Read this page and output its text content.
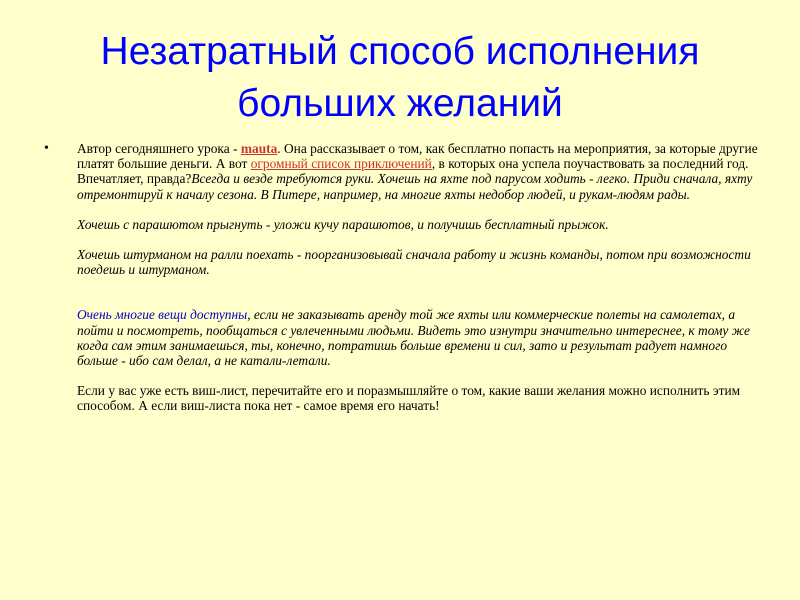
Незатратный способ исполнения больших желаний
• Автор сегодняшнего урока - mauta. Она рассказывает о том, как бесплатно попасть на мероприятия, за которые другие платят большие деньги. А вот огромный список приключений, в которых она успела поучаствовать за последний год. Впечатляет, правда?Всегда и везде требуются руки. Хочешь на яхте под парусом ходить - легко. Приди сначала, яхту отремонтируй к началу сезона. В Питере, например, на многие яхты недобор людей, и рукам-людям рады.

Хочешь с парашютом прыгнуть - уложи кучу парашютов, и получишь бесплатный прыжок.

Хочешь штурманом на ралли поехать - поорганизовывай сначала работу и жизнь команды, потом при возможности поедешь и штурманом.

Очень многие вещи доступны, если не заказывать аренду той же яхты или коммерческие полеты на самолетах, а пойти и посмотреть, пообщаться с увлеченными людьми. Видеть это изнутри значительно интереснее, к тому же когда сам этим занимаешься, ты, конечно, потратишь больше времени и сил, зато и результат радует намного больше - ибо сам делал, а не катали-летали.

Если у вас уже есть виш-лист, перечитайте его и поразмышляйте о том, какие ваши желания можно исполнить этим способом. А если виш-листа пока нет - самое время его начать!
